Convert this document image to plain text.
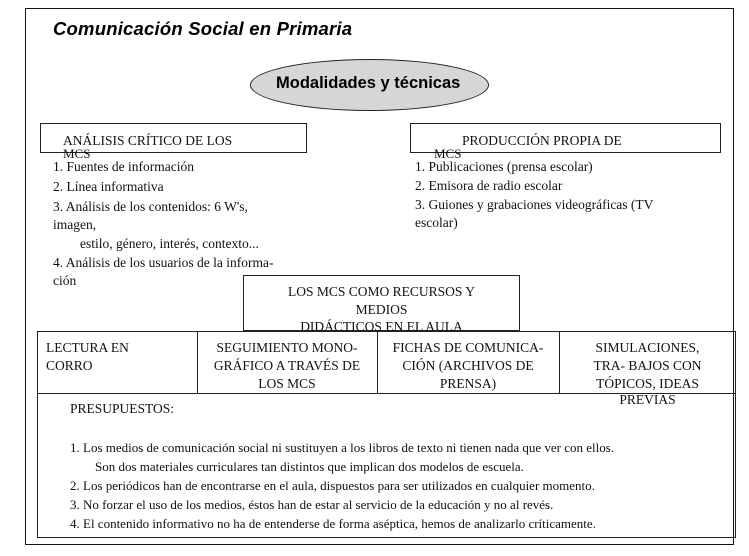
Comunicación Social en Primaria
Modalidades y técnicas
ANÁLISIS CRÍTICO DE LOS
MCS
1. Fuentes de información
2. Línea informativa
3. Análisis de los contenidos: 6 W's,
imagen,
estilo, género, interés, contexto...
4. Análisis de los usuarios de la informa-
ción
PRODUCCIÓN PROPIA DE
MCS
1. Publicaciones (prensa escolar)
2. Emisora de radio escolar
3. Guiones y grabaciones videográficas (TV
escolar)
LOS MCS COMO RECURSOS Y
MEDIOS
DIDÁCTICOS EN EL AULA
LECTURA EN
CORRO
SEGUIMIENTO MONO-
GRÁFICO A TRAVÉS DE
LOS MCS
FICHAS DE COMUNICA-
CIÓN (ARCHIVOS DE
PRENSA)
SIMULACIONES,
TRA- BAJOS CON
TÓPICOS, IDEAS
PREVIAS
PRESUPUESTOS:
1. Los medios de comunicación social ni sustituyen a los libros de texto ni tienen nada que ver con ellos.
Son dos materiales curriculares tan distintos que implican dos modelos de escuela.
2. Los periódicos han de encontrarse en el aula, dispuestos para ser utilizados en cualquier momento.
3. No forzar el uso de los medios, éstos han de estar al servicio de la educación y no al revés.
4. El contenido informativo no ha de entenderse de forma aséptica, hemos de analizarlo críticamente.
